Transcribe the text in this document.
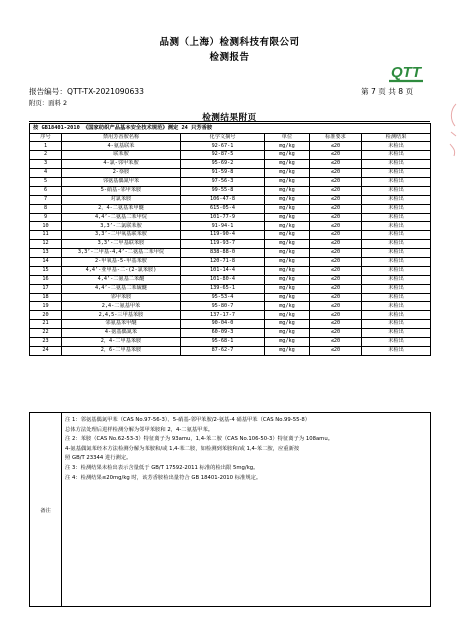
品测（上海）检测科技有限公司
检测报告
QTT
报告编号：QTT-TX-2021090633	第 7 页 共 8 页
附页：面料 2
检测结果附页
按 GB18401-2010 《国家纺织产品基本安全技术规范》测定 24 只芳香胺					
序号	禁用芳香胺名称	化学文摘号	单位	标准要求	检测结果
1	4-氨基联苯	92-67-1	mg/kg	≤20	未检出
2	联苯胺	92-87-5	mg/kg	≤20	未检出
3	4-氯-邻甲苯胺	95-69-2	mg/kg	≤20	未检出
4	2-萘胺	91-59-8	mg/kg	≤20	未检出
5	邻氨基偶氮甲苯	97-56-3	mg/kg	≤20	未检出
6	5-硝基-邻甲苯胺	99-55-8	mg/kg	≤20	未检出
7	对氯苯胺	106-47-8	mg/kg	≤20	未检出
8	2，4-二氨基苯甲醚	615-05-4	mg/kg	≤20	未检出
9	4,4’-二氨基二苯甲烷	101-77-9	mg/kg	≤20	未检出
10	3,3’-二氯联苯胺	91-94-1	mg/kg	≤20	未检出
11	3,3’-二甲氧基联苯胺	119-90-4	mg/kg	≤20	未检出
12	3,3’-二甲基联苯胺	119-93-7	mg/kg	≤20	未检出
13	3,3’-二甲基-4,4’-二氨基二苯甲烷	838-88-0	mg/kg	≤20	未检出
14	2-甲氧基-5-甲基苯胺	120-71-8	mg/kg	≤20	未检出
15	4,4’-亚甲基-二-(2-氯苯胺)	101-14-4	mg/kg	≤20	未检出
16	4,4’-二氨基二苯醚	101-80-4	mg/kg	≤20	未检出
17	4,4’-二氨基二苯硫醚	139-65-1	mg/kg	≤20	未检出
18	邻甲苯胺	95-53-4	mg/kg	≤20	未检出
19	2,4-二氨基甲苯	95-80-7	mg/kg	≤20	未检出
20	2,4,5-三甲基苯胺	137-17-7	mg/kg	≤20	未检出
21	邻氨基苯甲醚	90-04-0	mg/kg	≤20	未检出
22	4-氨基偶氮苯	60-09-3	mg/kg	≤20	未检出
23	2，4-二甲基苯胺	95-68-1	mg/kg	≤20	未检出
24	2，6-二甲基苯胺	87-62-7	mg/kg	≤20	未检出
备注	
注 1：邻氨基偶氮甲苯（CAS No.97-56-3）、5-硝基-邻甲苯胺/2-氨基-4 硝基甲苯（CAS No.99-55-8）
总体方法处理后进样检测分解为邻甲苯胺和 2，4-二氨基甲苯。
注 2：苯胺（CAS No.62-53-3）特征离子为 93amu，1,4-苯二胺（CAS No.106-50-3）特征离子为 108amu。
4-氨基偶氮苯经本方法检测分解为苯胺和/或 1,4-苯二胺，如检测到苯胺和/或 1,4-苯二胺，应重新按
照 GB/T 23344 进行测定。
注 3：检测结果未检出表示含量低于 GB/T 17592-2011 标准的检出限 5mg/kg。
注 4：检测结果≤20mg/kg 时，该芳香胺检出量符合 GB 18401-2010 标准规定。
